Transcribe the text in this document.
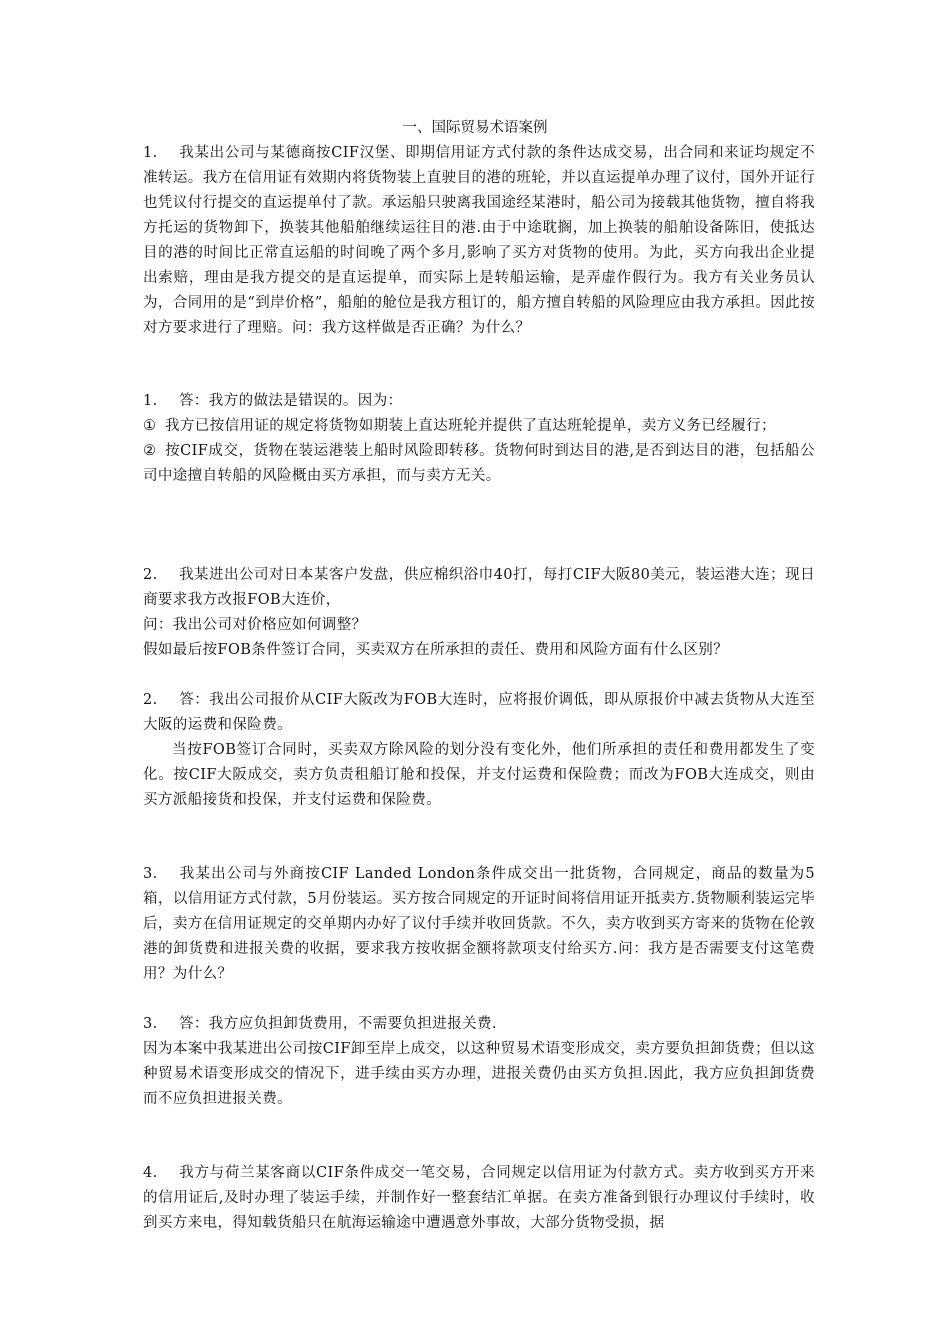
一、国际贸易术语案例

1. 我某出公司与某德商按CIF汉堡、即期信用证方式付款的条件达成交易，出合同和来证均规定不准转运。我方在信用证有效期内将货物装上直驶目的港的班轮，并以直运提单办理了议付，国外开证行也凭议付行提交的直运提单付了款。承运船只驶离我国途经某港时，船公司为接载其他货物，擅自将我方托运的货物卸下，换装其他船舶继续运往目的港.由于中途耽搁，加上换装的船舶设备陈旧，使抵达目的港的时间比正常直运船的时间晚了两个多月,影响了买方对货物的使用。为此，买方向我出企业提出索赔，理由是我方提交的是直运提单，而实际上是转船运输，是弄虚作假行为。我方有关业务员认为，合同用的是“到岸价格”，船舶的舱位是我方租订的，船方擅自转船的风险理应由我方承担。因此按对方要求进行了理赔。问：我方这样做是否正确？为什么？

1. 答：我方的做法是错误的。因为：

① 我方已按信用证的规定将货物如期装上直达班轮并提供了直达班轮提单，卖方义务已经履行；

② 按CIF成交，货物在装运港装上船时风险即转移。货物何时到达目的港,是否到达目的港，包括船公司中途擅自转船的风险概由买方承担，而与卖方无关。

2. 我某进出公司对日本某客户发盘，供应棉织浴巾40打，每打CIF大阪80美元，装运港大连；现日商要求我方改报FOB大连价，

问：我出公司对价格应如何调整？

假如最后按FOB条件签订合同，买卖双方在所承担的责任、费用和风险方面有什么区别？

2. 答：我出公司报价从CIF大阪改为FOB大连时，应将报价调低，即从原报价中减去货物从大连至大阪的运费和保险费。

当按FOB签订合同时，买卖双方除风险的划分没有变化外，他们所承担的责任和费用都发生了变化。按CIF大阪成交，卖方负责租船订舱和投保，并支付运费和保险费；而改为FOB大连成交，则由买方派船接货和投保，并支付运费和保险费。

3. 我某出公司与外商按CIF Landed London条件成交出一批货物，合同规定，商品的数量为5箱，以信用证方式付款，5月份装运。买方按合同规定的开证时间将信用证开抵卖方.货物顺利装运完毕后，卖方在信用证规定的交单期内办好了议付手续并收回货款。不久，卖方收到买方寄来的货物在伦敦港的卸货费和进报关费的收据，要求我方按收据金额将款项支付给买方.问：我方是否需要支付这笔费用？为什么？

3. 答：我方应负担卸货费用，不需要负担进报关费.

因为本案中我某进出公司按CIF卸至岸上成交，以这种贸易术语变形成交，卖方要负担卸货费；但以这种贸易术语变形成交的情况下，进手续由买方办理，进报关费仍由买方负担.因此，我方应负担卸货费而不应负担进报关费。

4. 我方与荷兰某客商以CIF条件成交一笔交易，合同规定以信用证为付款方式。卖方收到买方开来的信用证后,及时办理了装运手续，并制作好一整套结汇单据。在卖方准备到银行办理议付手续时，收到买方来电，得知载货船只在航海运输途中遭遇意外事故，大部分货物受损，据
